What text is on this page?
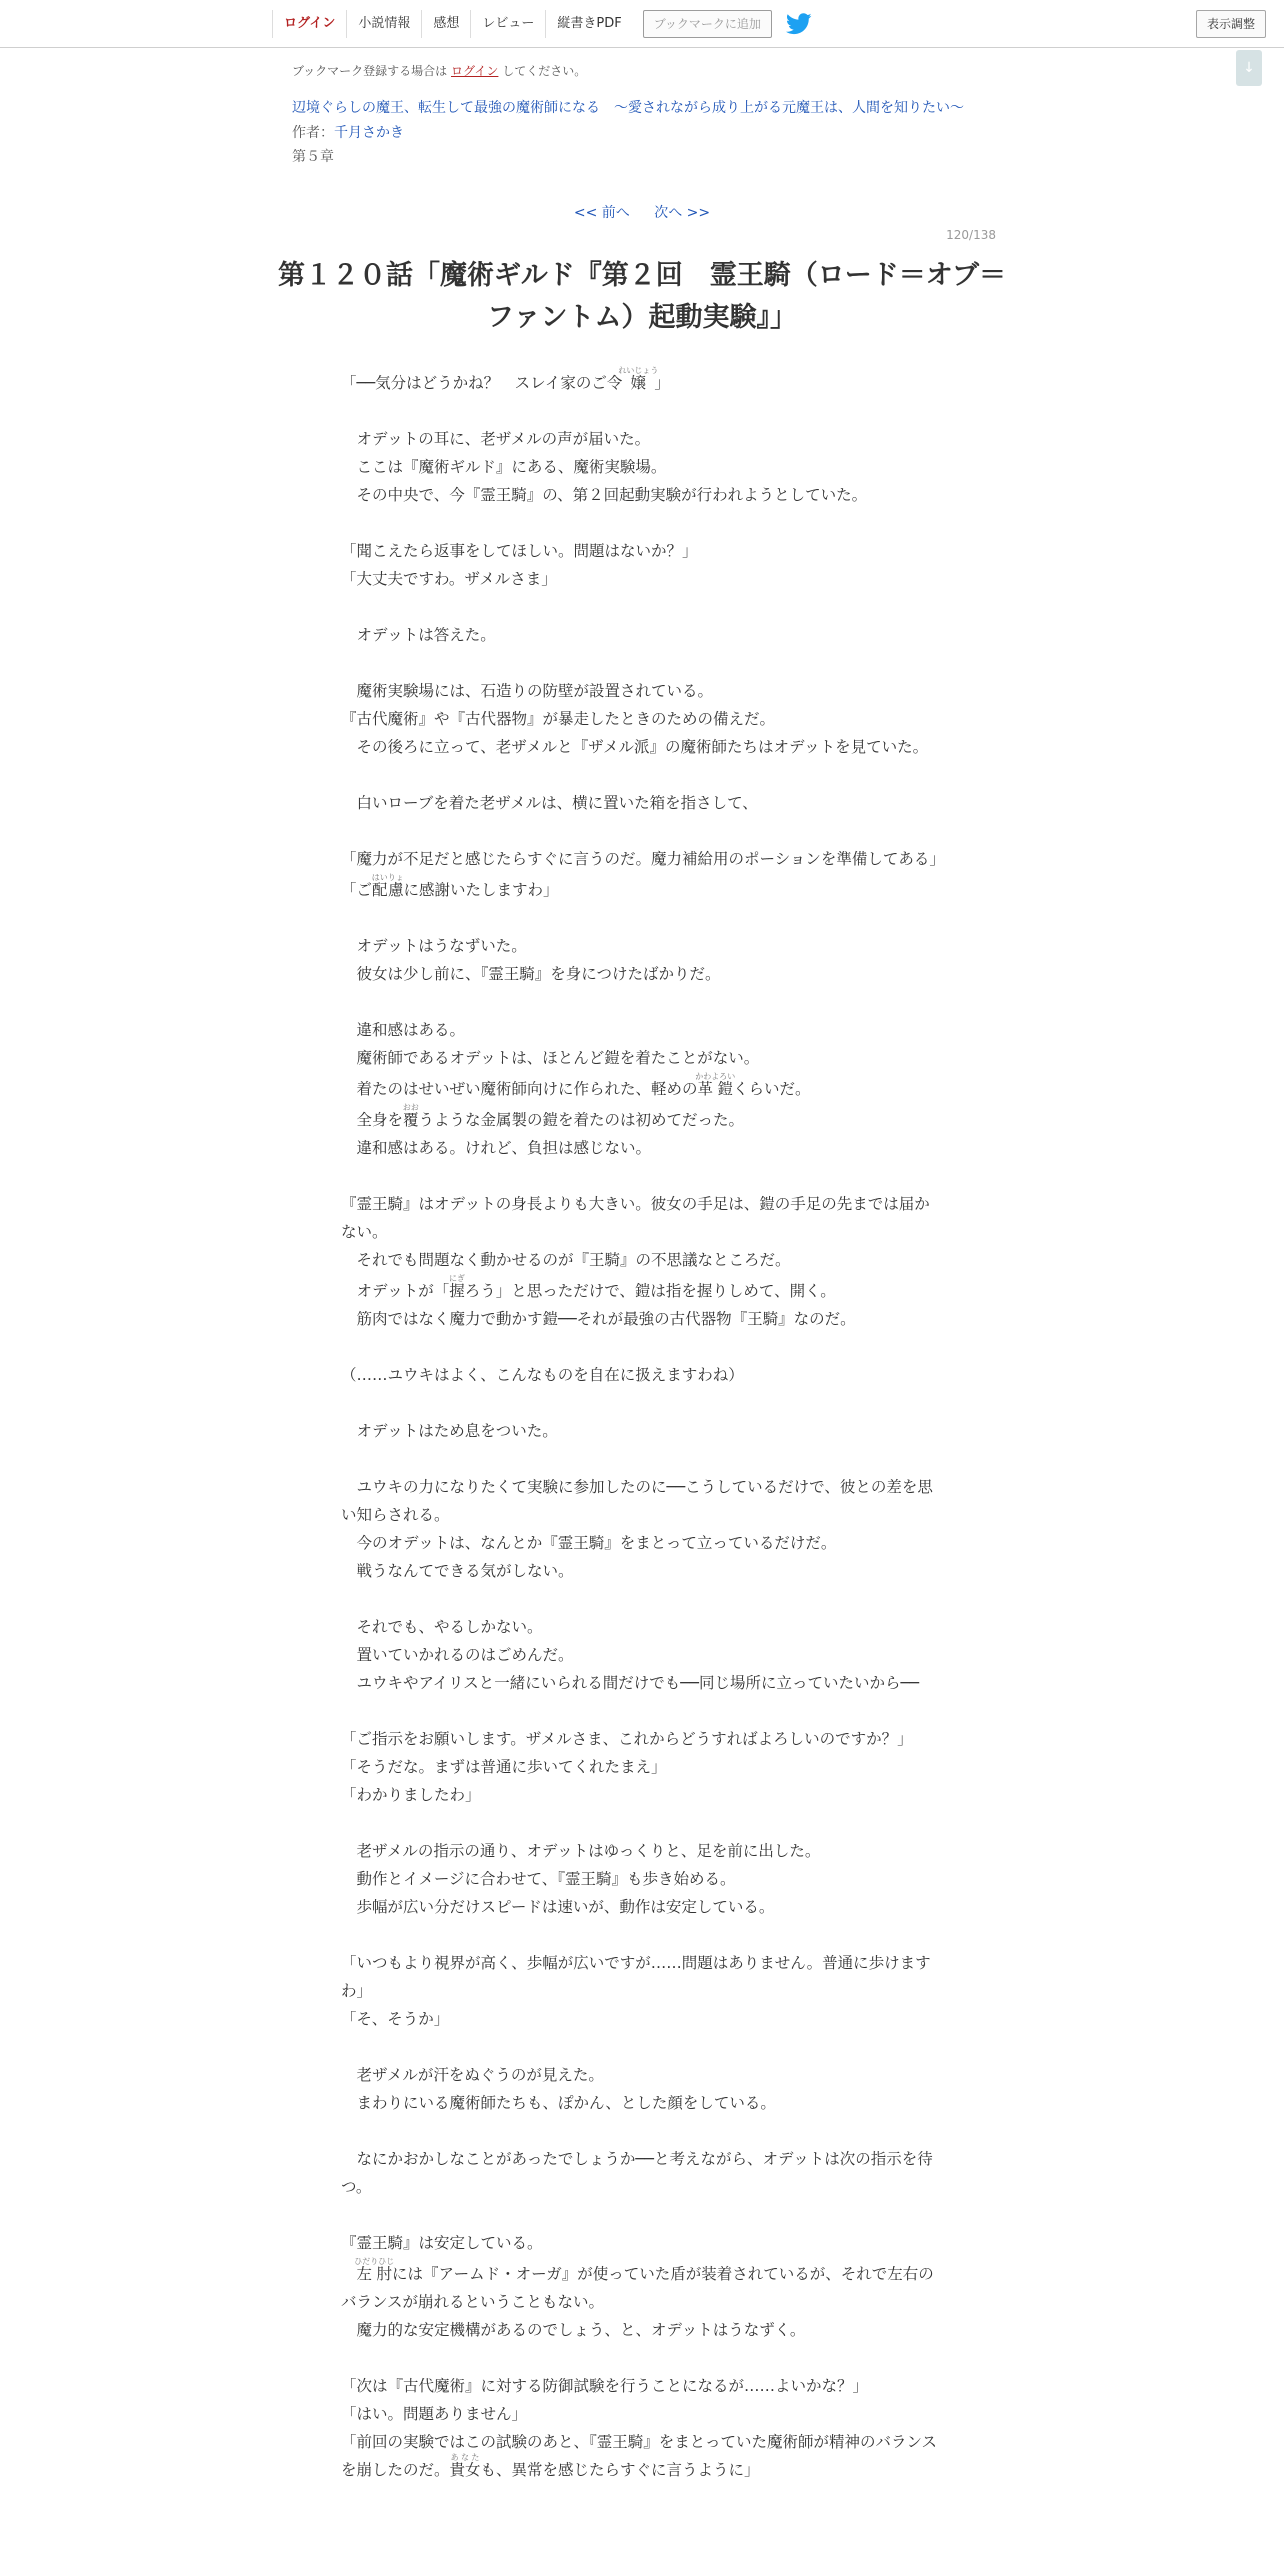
ログイン	小説情報	感想	レビュー	縦書きPDF	ブックマークに追加	表示調整
↓
ブックマーク登録する場合は ログイン してください。
辺境ぐらしの魔王、転生して最強の魔術師になる　〜愛されながら成り上がる元魔王は、人間を知りたい〜
作者：千月さかき
第５章
<< 前へ 次へ >>
120/138
第１２０話「魔術ギルド『第２回　霊王騎（ロード＝オブ＝ファントム）起動実験』」

「──気分はどうかね？　スレイ家のご令嬢れいじょう」

　オデットの耳に、老ザメルの声が届いた。

　ここは『魔術ギルド』にある、魔術実験場。

　その中央で、今『霊王騎』の、第２回起動実験が行われようとしていた。

「聞こえたら返事をしてほしい。問題はないか？」

「大丈夫ですわ。ザメルさま」

　オデットは答えた。

　魔術実験場には、石造りの防壁が設置されている。

『古代魔術』や『古代器物』が暴走したときのための備えだ。

　その後ろに立って、老ザメルと『ザメル派』の魔術師たちはオデットを見ていた。

　白いローブを着た老ザメルは、横に置いた箱を指さして、

「魔力が不足だと感じたらすぐに言うのだ。魔力補給用のポーションを準備してある」

「ご配慮はいりょに感謝いたしますわ」

　オデットはうなずいた。

　彼女は少し前に、『霊王騎』を身につけたばかりだ。

　違和感はある。

　魔術師であるオデットは、ほとんど鎧を着たことがない。

　着たのはせいぜい魔術師向けに作られた、軽めの革鎧かわよろいくらいだ。

　全身を覆おおうような金属製の鎧を着たのは初めてだった。

　違和感はある。けれど、負担は感じない。

『霊王騎』はオデットの身長よりも大きい。彼女の手足は、鎧の手足の先までは届かない。

　それでも問題なく動かせるのが『王騎』の不思議なところだ。

　オデットが「握にぎろう」と思っただけで、鎧は指を握りしめて、開く。

　筋肉ではなく魔力で動かす鎧──それが最強の古代器物『王騎』なのだ。

（……ユウキはよく、こんなものを自在に扱えますわね）

　オデットはため息をついた。

　ユウキの力になりたくて実験に参加したのに──こうしているだけで、彼との差を思い知らされる。

　今のオデットは、なんとか『霊王騎』をまとって立っているだけだ。

　戦うなんてできる気がしない。

　それでも、やるしかない。

　置いていかれるのはごめんだ。

　ユウキやアイリスと一緒にいられる間だけでも──同じ場所に立っていたいから──

「ご指示をお願いします。ザメルさま、これからどうすればよろしいのですか？」

「そうだな。まずは普通に歩いてくれたまえ」

「わかりましたわ」

　老ザメルの指示の通り、オデットはゆっくりと、足を前に出した。

　動作とイメージに合わせて、『霊王騎』も歩き始める。

　歩幅が広い分だけスピードは速いが、動作は安定している。

「いつもより視界が高く、歩幅が広いですが……問題はありません。普通に歩けますわ」

「そ、そうか」

　老ザメルが汗をぬぐうのが見えた。

　まわりにいる魔術師たちも、ぽかん、とした顔をしている。

　なにかおかしなことがあったでしょうか──と考えながら、オデットは次の指示を待つ。

『霊王騎』は安定している。

　左肘ひだりひじには『アームド・オーガ』が使っていた盾が装着されているが、それで左右のバランスが崩れるということもない。

　魔力的な安定機構があるのでしょう、と、オデットはうなずく。

「次は『古代魔術』に対する防御試験を行うことになるが……よいかな？」

「はい。問題ありません」

「前回の実験ではこの試験のあと、『霊王騎』をまとっていた魔術師が精神のバランスを崩したのだ。貴女あなたも、異常を感じたらすぐに言うように」
